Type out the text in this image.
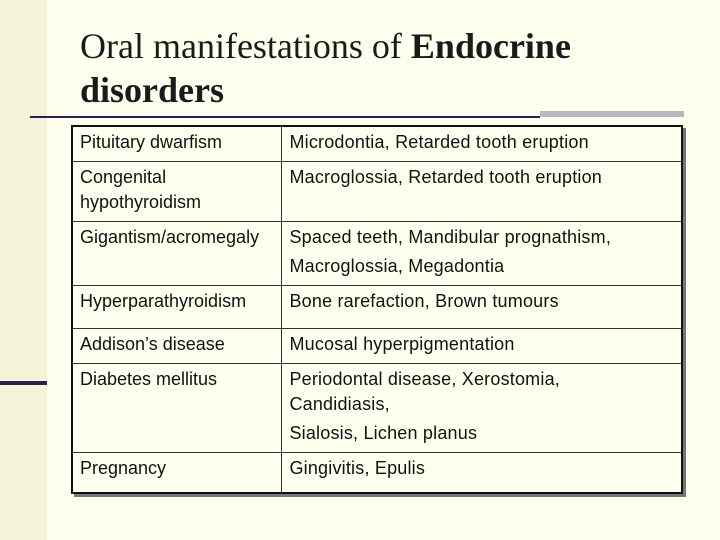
Oral manifestations of Endocrine
disorders
Pituitary dwarfism	Microdontia, Retarded tooth eruption

Congenital hypothyroidism	Macroglossia, Retarded tooth eruption

Gigantism/acromegaly	Spaced teeth, Mandibular prognathism,
Macroglossia, Megadontia

Hyperparathyroidism	Bone rarefaction, Brown tumours

Addison’s disease	Mucosal hyperpigmentation

Diabetes mellitus	Periodontal disease, Xerostomia, Candidiasis,
Sialosis, Lichen planus

Pregnancy	Gingivitis, Epulis
